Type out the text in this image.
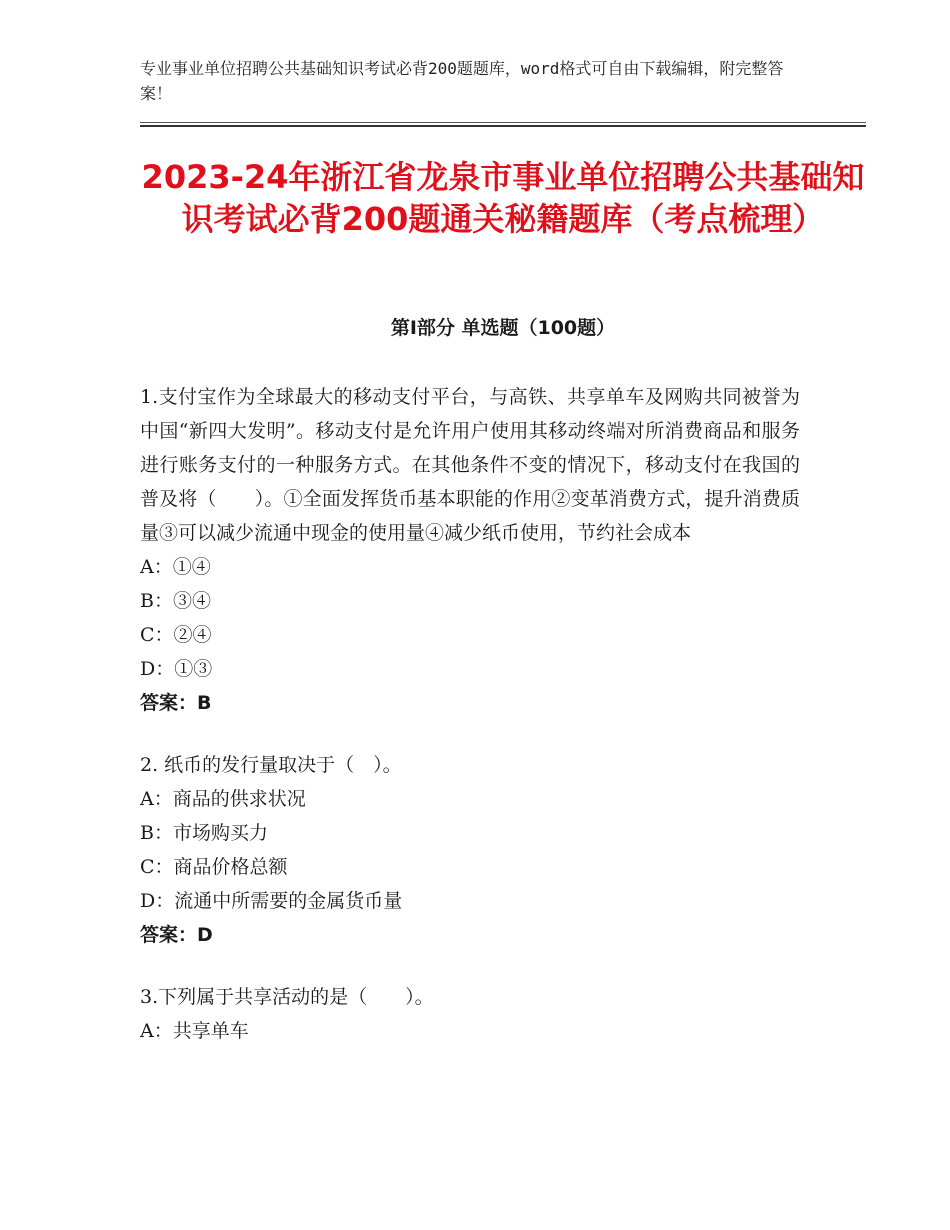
专业事业单位招聘公共基础知识考试必背200题题库，word格式可自由下载编辑，附完整答案！
2023-24年浙江省龙泉市事业单位招聘公共基础知识考试必背200题通关秘籍题库（考点梳理）
第Ⅰ部分 单选题（100题）

1.支付宝作为全球最大的移动支付平台，与高铁、共享单车及网购共同被誉为中国“新四大发明”。移动支付是允许用户使用其移动终端对所消费商品和服务进行账务支付的一种服务方式。在其他条件不变的情况下，移动支付在我国的普及将（　　）。①全面发挥货币基本职能的作用②变革消费方式，提升消费质量③可以减少流通中现金的使用量④减少纸币使用，节约社会成本

A：①④

B：③④

C：②④

D：①③

答案：B

2. 纸币的发行量取决于（　）。

A：商品的供求状况

B：市场购买力

C：商品价格总额

D：流通中所需要的金属货币量

答案：D

3.下列属于共享活动的是（　　）。

A：共享单车
